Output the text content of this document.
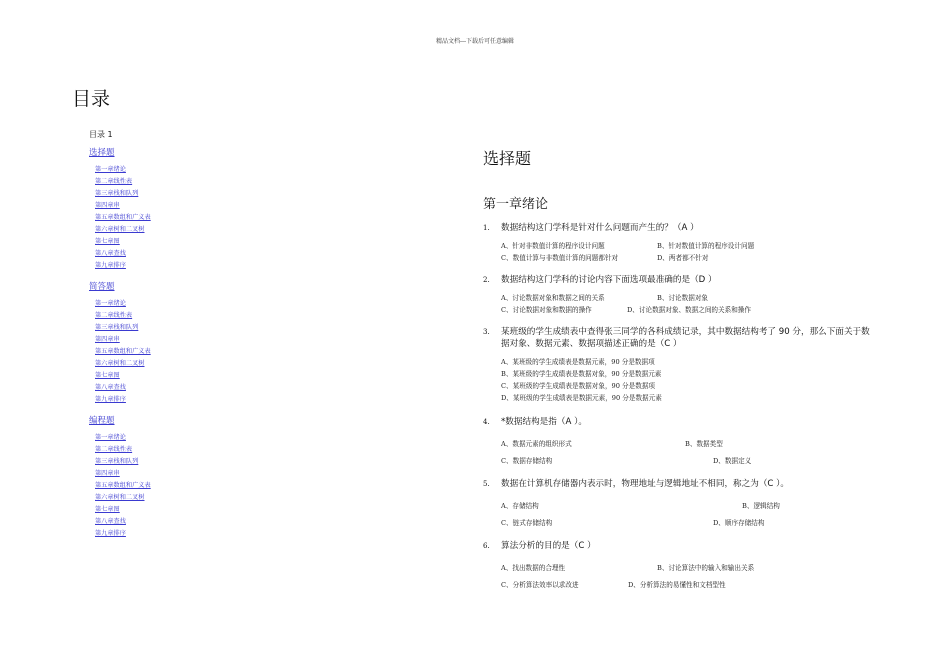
精品文档---下载后可任意编辑
目录
目录 1
选择题
第一章绪论
第二章线性表
第三章栈和队列
第四章串
第五章数组和广义表
第六章树和二叉树
第七章图
第八章查找
第九章排序
简答题
第一章绪论
第二章线性表
第三章栈和队列
第四章串
第五章数组和广义表
第六章树和二叉树
第七章图
第八章查找
第九章排序
编程题
第一章绪论
第二章线性表
第三章栈和队列
第四章串
第五章数组和广义表
第六章树和二叉树
第七章图
第八章查找
第九章排序
选择题
第一章绪论
1.	数据结构这门学科是针对什么问题而产生的？（A ）
A、针对非数值计算的程序设计问题	B、针对数值计算的程序设计问题
C、数值计算与非数值计算的问题都针对	D、两者都不针对
2.	数据结构这门学科的讨论内容下面选项最准确的是（D ）
A、讨论数据对象和数据之间的关系	B、讨论数据对象
C、讨论数据对象和数据的操作	D、讨论数据对象、数据之间的关系和操作
3.	某班级的学生成绩表中查得张三同学的各科成绩记录，其中数据结构考了 90 分，那么下面关于数据对象、数据元素、数据项描述正确的是（C ）
A、某班级的学生成绩表是数据元素，90 分是数据项
B、某班级的学生成绩表是数据对象，90 分是数据元素
C、某班级的学生成绩表是数据对象，90 分是数据项
D、某班级的学生成绩表是数据元素，90 分是数据元素
4.	*数据结构是指（A ）。
A、数据元素的组织形式	B、数据类型
C、数据存储结构	D、数据定义
5.	数据在计算机存储器内表示时，物理地址与逻辑地址不相同，称之为（C ）。
A、存储结构	B、逻辑结构
C、链式存储结构	D、顺序存储结构
6.	算法分析的目的是（C ）
A、找出数据的合理性	B、讨论算法中的输入和输出关系
C、分析算法效率以求改进	D、分析算法的易懂性和文档型性
